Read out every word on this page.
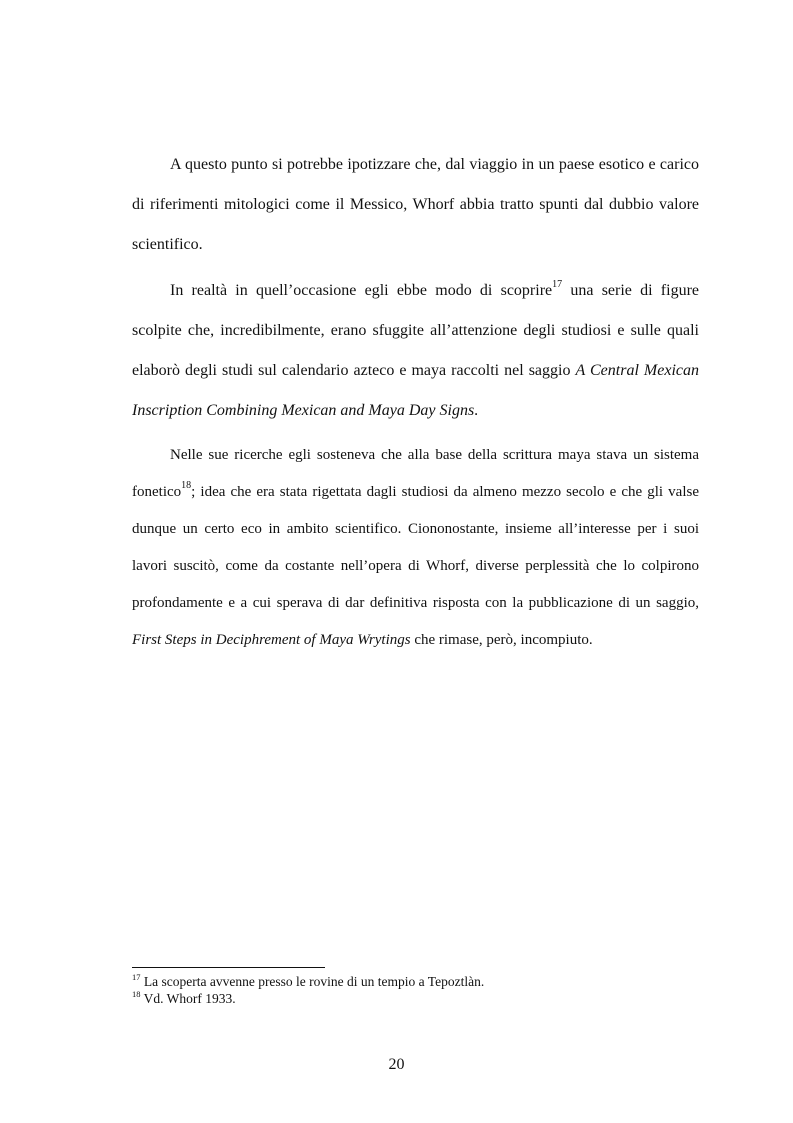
A questo punto si potrebbe ipotizzare che, dal viaggio in un paese esotico e carico di riferimenti mitologici come il Messico, Whorf abbia tratto spunti dal dubbio valore scientifico.

In realtà in quell’occasione egli ebbe modo di scoprire$^{17}$ una serie di figure scolpite che, incredibilmente, erano sfuggite all’attenzione degli studiosi e sulle quali elaborò degli studi sul calendario azteco e maya raccolti nel saggio A Central Mexican Inscription Combining Mexican and Maya Day Signs.

Nelle sue ricerche egli sosteneva che alla base della scrittura maya stava un sistema fonetico$^{18}$; idea che era stata rigettata dagli studiosi da almeno mezzo secolo e che gli valse dunque un certo eco in ambito scientifico. Ciononostante, insieme all’interesse per i suoi lavori suscitò, come da costante nell’opera di Whorf, diverse perplessità che lo colpirono profondamente e a cui sperava di dar definitiva risposta con la pubblicazione di un saggio, First Steps in Deciphrement of Maya Wrytings che rimase, però, incompiuto.

$^{17}$ La scoperta avvenne presso le rovine di un tempio a Tepoztlàn.

$^{18}$ Vd. Whorf 1933.

20
